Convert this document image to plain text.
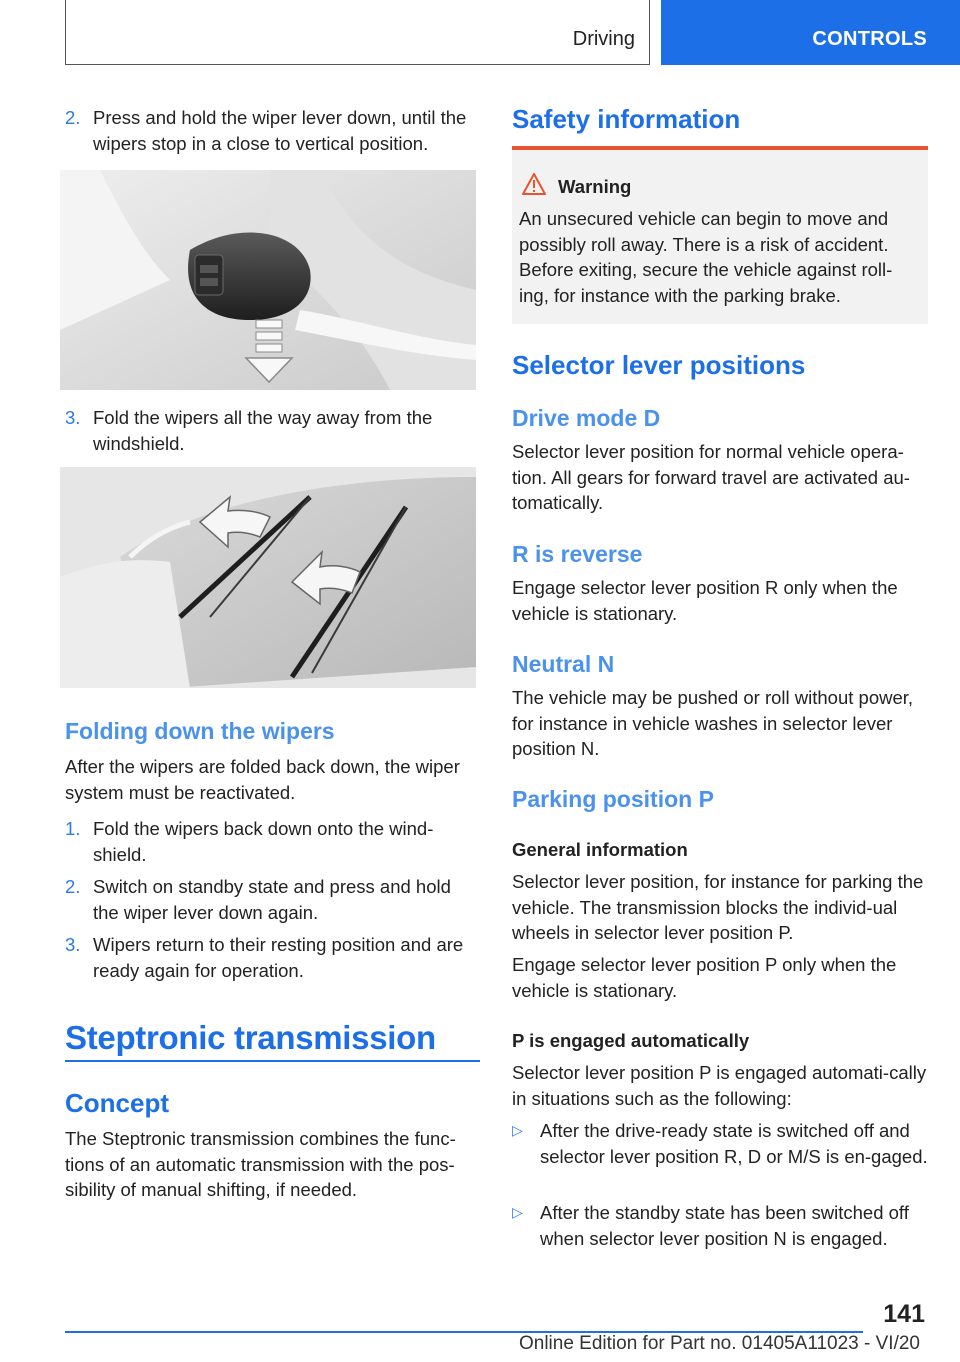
Driving	CONTROLS
2. Press and hold the wiper lever down, until the wipers stop in a close to vertical position.
3. Fold the wipers all the way away from the windshield.
Folding down the wipers
After the wipers are folded back down, the wiper system must be reactivated.
1. Fold the wipers back down onto the wind‐shield.
2. Switch on standby state and press and hold the wiper lever down again.
3. Wipers return to their resting position and are ready again for operation.
Steptronic transmission
Concept
The Steptronic transmission combines the func‐tions of an automatic transmission with the pos‐sibility of manual shifting, if needed.
Safety information
Warning
An unsecured vehicle can begin to move and possibly roll away. There is a risk of accident. Before exiting, secure the vehicle against roll‐ing, for instance with the parking brake.
Selector lever positions
Drive mode D
Selector lever position for normal vehicle opera‐tion. All gears for forward travel are activated au‐tomatically.
R is reverse
Engage selector lever position R only when the vehicle is stationary.
Neutral N
The vehicle may be pushed or roll without power, for instance in vehicle washes in selector lever position N.
Parking position P
General information
Selector lever position, for instance for parking the vehicle. The transmission blocks the individ‐ual wheels in selector lever position P.
Engage selector lever position P only when the vehicle is stationary.
P is engaged automatically
Selector lever position P is engaged automati‐cally in situations such as the following:
▷ After the drive-ready state is switched off and selector lever position R, D or M/S is en‐gaged.
▷ After the standby state has been switched off when selector lever position N is engaged.
141
Online Edition for Part no. 01405A11023 - VI/20
